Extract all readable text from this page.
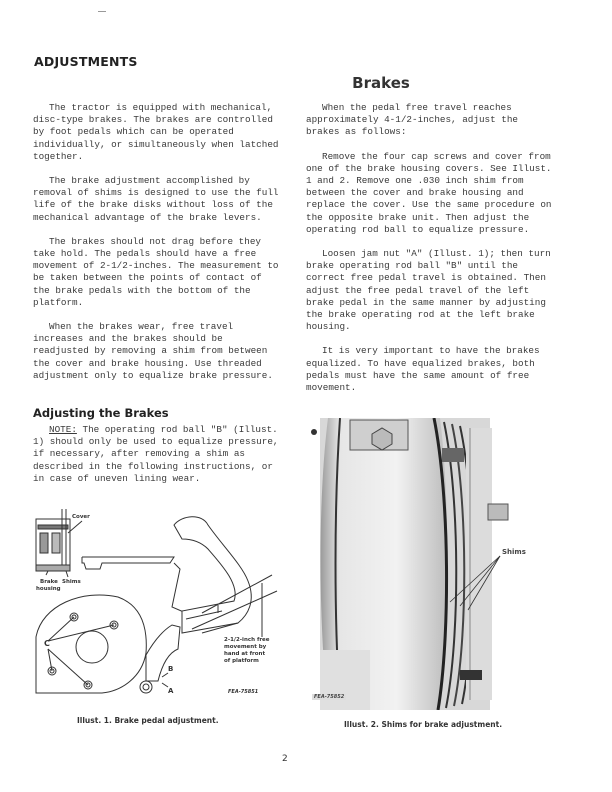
ADJUSTMENTS
Brakes

The tractor is equipped with mechanical, disc-type brakes. The brakes are controlled by foot pedals which can be operated individually, or simultaneously when latched together.

The brake adjustment accomplished by removal of shims is designed to use the full life of the brake disks without loss of the mechanical advantage of the brake levers.

The brakes should not drag before they take hold. The pedals should have a free movement of 2-1/2-inches. The measurement to be taken between the points of contact of the brake pedals with the bottom of the platform.

When the brakes wear, free travel increases and the brakes should be readjusted by removing a shim from between the cover and brake housing. Use threaded adjustment only to equalize brake pressure.

Adjusting the Brakes

NOTE: The operating rod ball "B" (Illust. 1) should only be used to equalize pressure, if necessary, after removing a shim as described in the following instructions, or in case of uneven lining wear.

When the pedal free travel reaches approximately 4-1/2-inches, adjust the brakes as follows:

Remove the four cap screws and cover from one of the brake housing covers. See Illust. 1 and 2. Remove one .030 inch shim from between the cover and brake housing and replace the cover. Use the same procedure on the opposite brake unit. Then adjust the operating rod ball to equalize pressure.

Loosen jam nut "A" (Illust. 1); then turn brake operating rod ball "B" until the correct free pedal travel is obtained. Then adjust the free pedal travel of the left brake pedal in the same manner by adjusting the brake operating rod at the left brake housing.

It is very important to have the brakes equalized. To have equalized brakes, both pedals must have the same amount of free movement.

Cover
Brake
housing
Shims
C
B
A
2-1/2-inch free
movement by
hand at front
of platform
FEA-75851
Shims
FEA-75852
Illust. 1. Brake pedal adjustment.	Illust. 2. Shims for brake adjustment.
2
